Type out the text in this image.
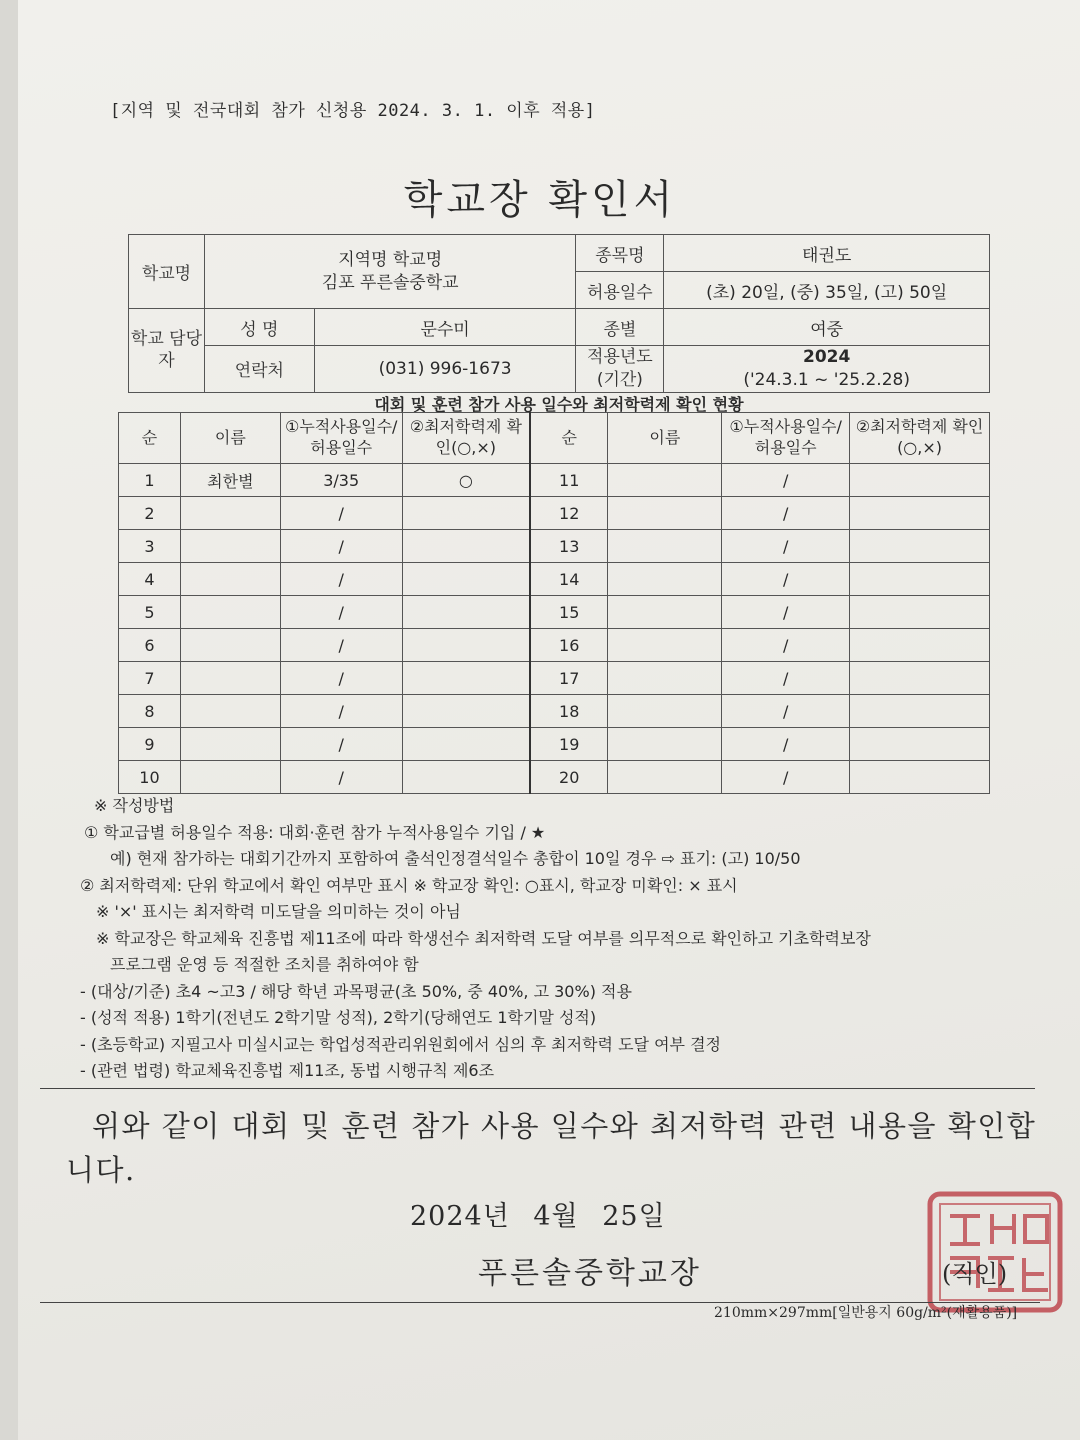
[지역 및 전국대회 참가 신청용 2024. 3. 1. 이후 적용]
학교장 확인서
학교명	지역명 학교명
김포 푸른솔중학교		종목명	태권도
			허용일수	(초) 20일, (중) 35일, (고) 50일
학교 담당자	성 명	문수미	종별	여중
	연락처	(031) 996-1673	적용년도 (기간)	2024
('24.3.1 ~ '25.2.28)
대회 및 훈련 참가 사용 일수와 최저학력제 확인 현황
순	이름	①누적사용일수/ 허용일수	②최저학력제 확인(○,×)	순	이름	①누적사용일수/ 허용일수	②최저학력제 확인(○,×)
1	최한별	3/35	○	11		/	
2		/		12		/	
3		/		13		/	
4		/		14		/	
5		/		15		/	
6		/		16		/	
7		/		17		/	
8		/		18		/	
9		/		19		/	
10		/		20		/	
※ 작성방법
① 학교급별 허용일수 적용: 대회·훈련 참가 누적사용일수 기입 / ★
예) 현재 참가하는 대회기간까지 포함하여 출석인정결석일수 총합이 10일 경우 ⇨ 표기: (고) 10/50
② 최저학력제: 단위 학교에서 확인 여부만 표시 ※ 학교장 확인: ○표시, 학교장 미확인: × 표시
※ '×' 표시는 최저학력 미도달을 의미하는 것이 아님
※ 학교장은 학교체육 진흥법 제11조에 따라 학생선수 최저학력 도달 여부를 의무적으로 확인하고 기초학력보장
프로그램 운영 등 적절한 조치를 취하여야 함
- (대상/기준) 초4 ~고3 / 해당 학년 과목평균(초 50%, 중 40%, 고 30%) 적용
- (성적 적용) 1학기(전년도 2학기말 성적), 2학기(당해연도 1학기말 성적)
- (초등학교) 지필고사 미실시교는 학업성적관리위원회에서 심의 후 최저학력 도달 여부 결정
- (관련 법령) 학교체육진흥법 제11조, 동법 시행규칙 제6조
위와 같이 대회 및 훈련 참가 사용 일수와 최저학력 관련 내용을 확인합니다.
2024년 4월 25일
푸른솔중학교장	(직인)
210mm×297mm[일반용지 60g/m²(재활용품)]
